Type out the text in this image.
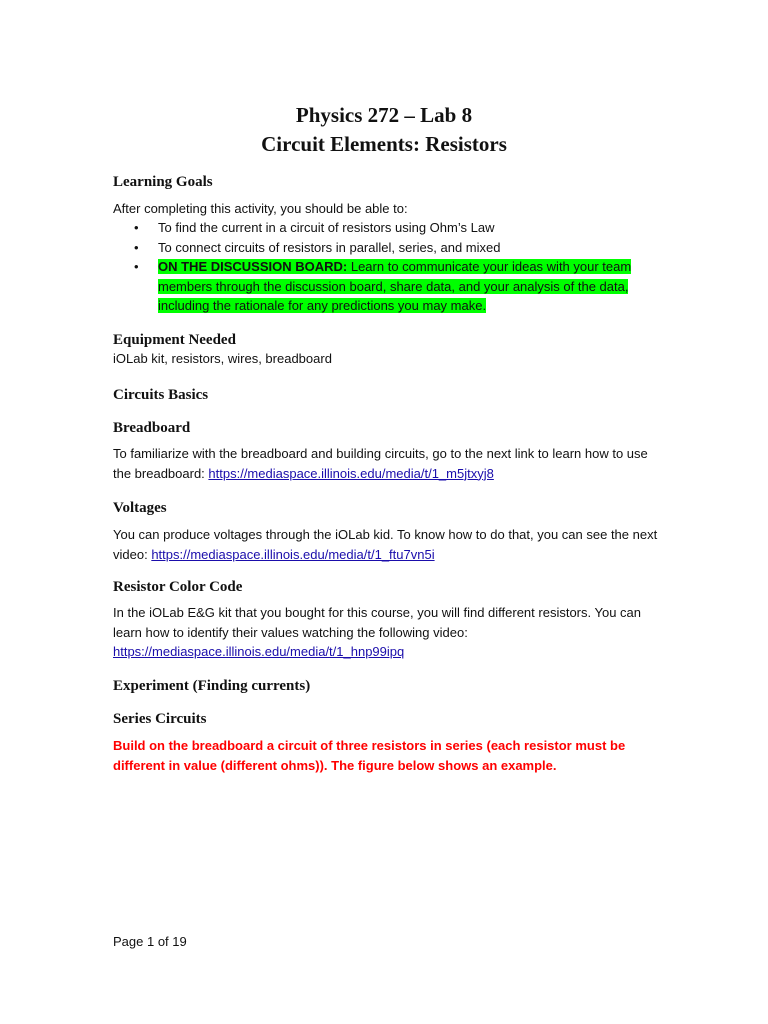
Physics 272 – Lab 8
Circuit Elements: Resistors
Learning Goals
After completing this activity, you should be able to:
• To find the current in a circuit of resistors using Ohm’s Law
• To connect circuits of resistors in parallel, series, and mixed
• ON THE DISCUSSION BOARD: Learn to communicate your ideas with your team members through the discussion board, share data, and your analysis of the data, including the rationale for any predictions you may make.
Equipment Needed
iOLab kit, resistors, wires, breadboard
Circuits Basics
Breadboard
To familiarize with the breadboard and building circuits, go to the next link to learn how to use the breadboard: https://mediaspace.illinois.edu/media/t/1_m5jtxyj8
Voltages
You can produce voltages through the iOLab kid. To know how to do that, you can see the next video: https://mediaspace.illinois.edu/media/t/1_ftu7vn5i
Resistor Color Code
In the iOLab E&G kit that you bought for this course, you will find different resistors. You can learn how to identify their values watching the following video:
https://mediaspace.illinois.edu/media/t/1_hnp99ipq
Experiment (Finding currents)
Series Circuits
Build on the breadboard a circuit of three resistors in series (each resistor must be different in value (different ohms)). The figure below shows an example.
Page 1 of 19
